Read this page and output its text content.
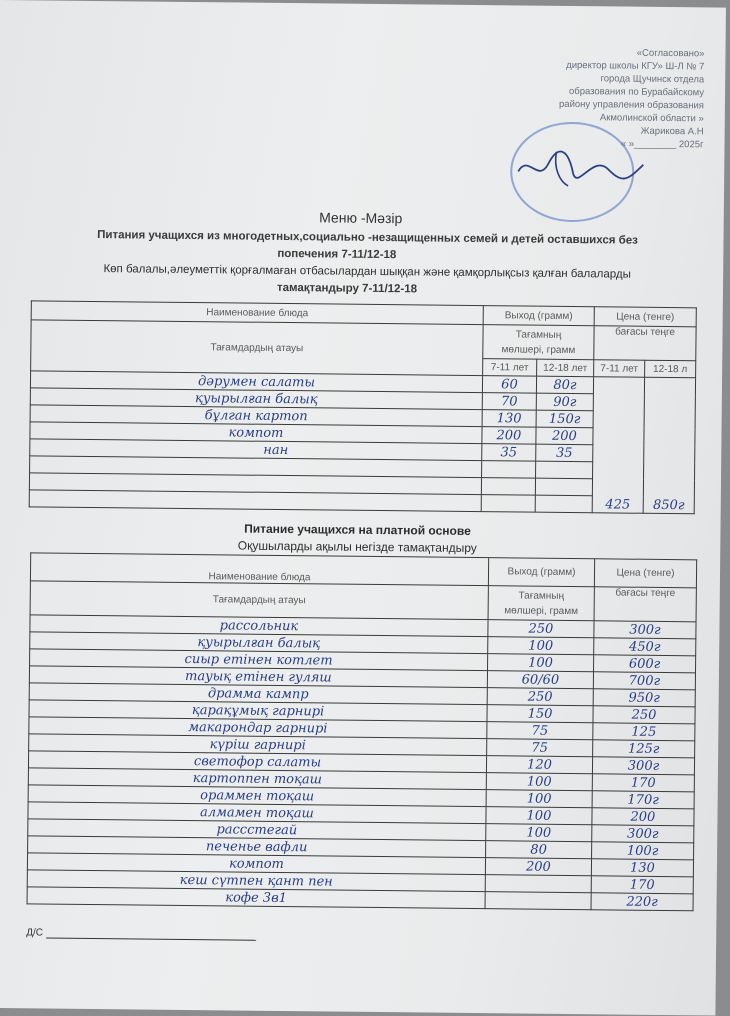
«Согласовано»
директор школы КГУ» Ш-Л № 7
города Щучинск отдела
образования по Бурабайскому
району управления образования
Акмолинской области »
Жарикова А.Н
« »________ 2025г
Меню -Мәзір
Питания учащихся из многодетных,социально -незащищенных семей и детей оставшихся без
попечения 7-11/12-18
Көп балалы,әлеуметтік қорғалмаған отбасылардан шыққан және қамқорлықсыз қалған балаларды
тамақтандыру 7-11/12-18
Наименование блюда	Выход (грамм)		Цена (тенге)	
Тағамдардың атауы	Тағамның
мөлшері, грамм		бағасы теңге	
	7-11 лет	12-18 лет	7-11 лет	12-18 л
дәрумен салаты	60	80г	425	850г
қуырылған балық	70	90г		
бұлган картоп	130	150г		
компот	200	200		
нан	35	35		

Питание учащихся на платной основе
Оқушыларды ақылы негізде тамақтандыру
Наименование блюда	Выход (грамм)	Цена (тенге)
Тағамдардың атауы	Тағамның
мөлшері, грамм	бағасы теңге
рассольник	250	300г
қуырылған балық	100	450г
сиыр етінен котлет	100	600г
тауық етінен гуляш	60/60	700г
драмма кампр	250	950г
қарақұмық гарнирі	150	250
макарондар гарнирі	75	125
күріш гарнирі	75	125г
светофор салаты	120	300г
картоппен тоқаш	100	170
ораммен тоқаш	100	170г
алмамен тоқаш	100	200
рассстегай	100	300г
печенье вафли	80	100г
компот	200	130
кеш сүтпен қант пен		170
кофе 3в1		220г
Д/С
